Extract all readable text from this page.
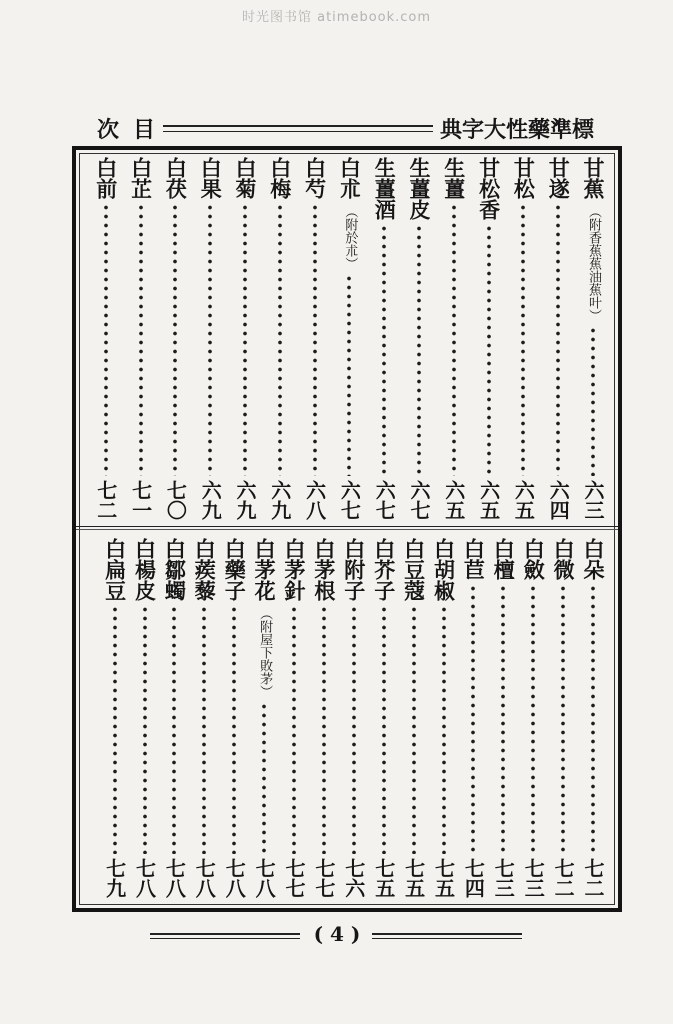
时光图书馆 atimebook.com
次目	典字大性藥準標
甘蕉
（附香蕉蕉油蕉叶）
六三
甘遂
六四
甘松
六五
甘松香
六五
生薑
六五
生薑皮
六七
生薑酒
六七
白朮
（附於朮）
六七
白芍
六八
白梅
六九
白菊
六九
白果
六九
白茯
七〇
白芷
七一
白前
七二
白朵
七二
白微
七二
白斂
七三
白檀
七三
白苣
七四
白胡椒
七五
白豆蔻
七五
白芥子
七五
白附子
七六
白茅根
七七
白茅針
七七
白茅花
（附屋下敗茅）
七八
白藥子
七八
白蒺藜
七八
白鄒蠋
七八
白楊皮
七八
白扁豆
七九
( 4 )
